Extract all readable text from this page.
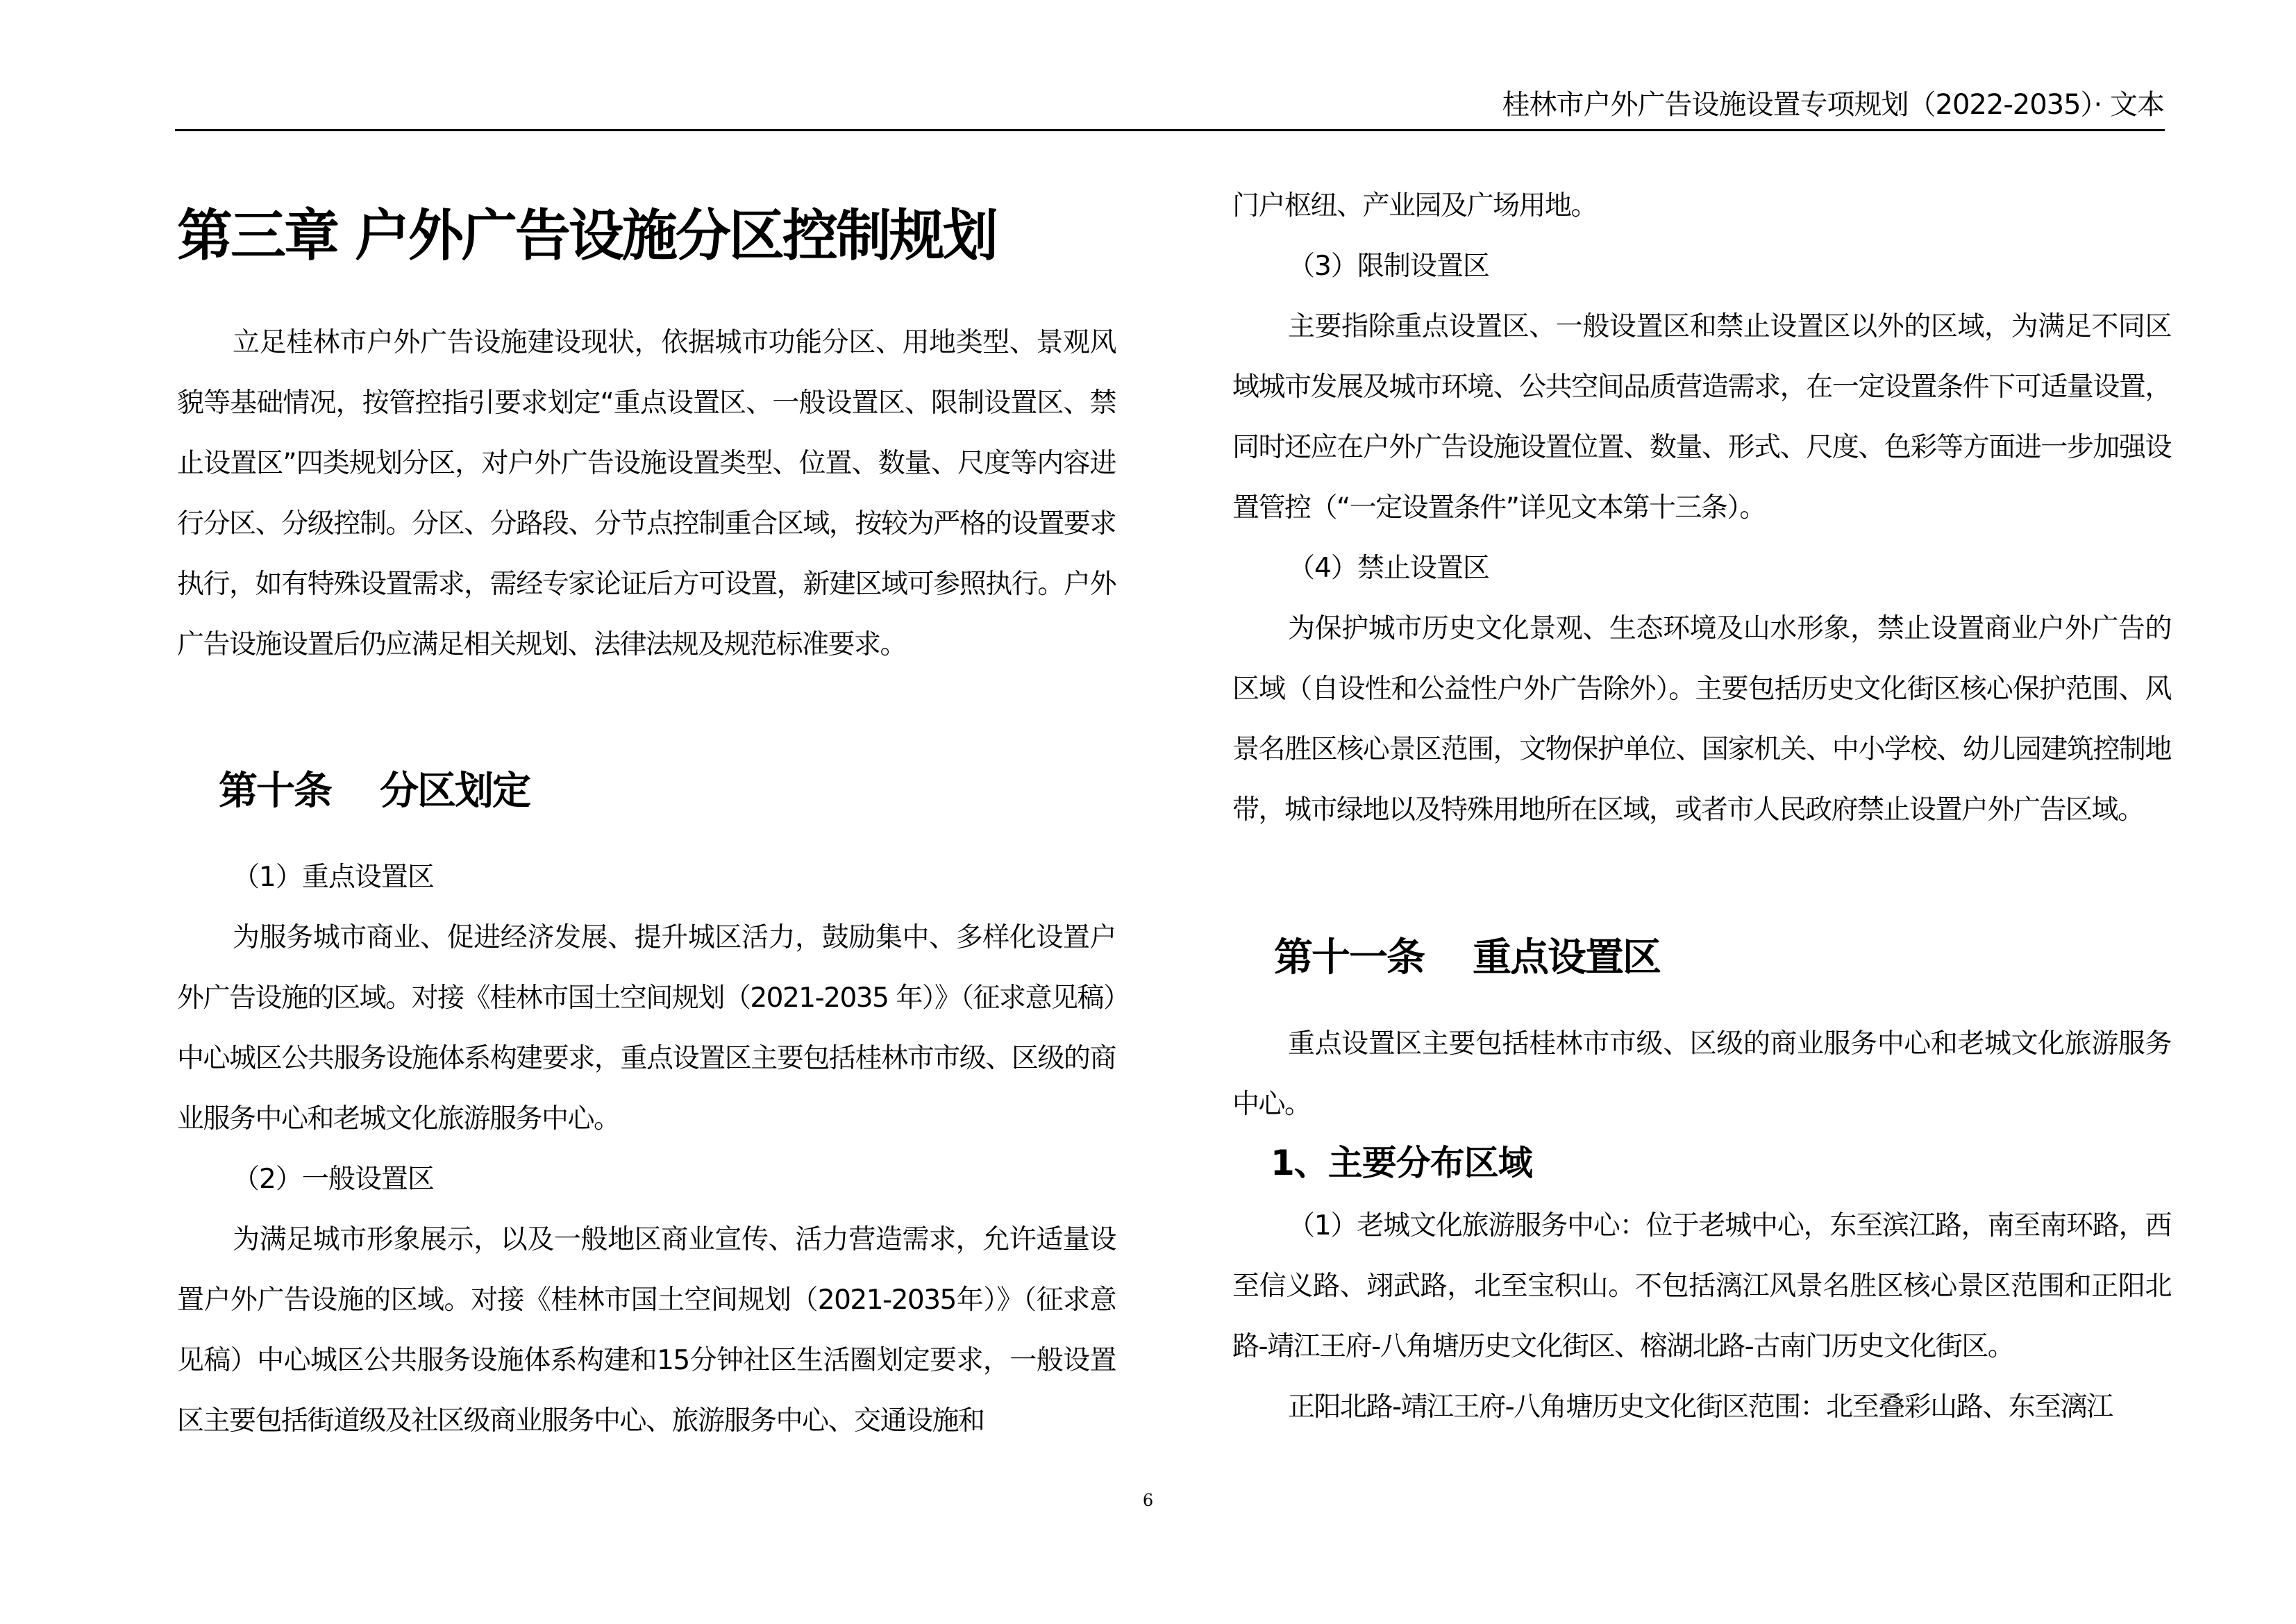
桂林市户外广告设施设置专项规划（2022-2035）· 文本
第三章 户外广告设施分区控制规划

立足桂林市户外广告设施建设现状，依据城市功能分区、用地类型、景观风貌等基础情况，按管控指引要求划定“重点设置区、一般设置区、限制设置区、禁止设置区”四类规划分区，对户外广告设施设置类型、位置、数量、尺度等内容进行分区、分级控制。分区、分路段、分节点控制重合区域，按较为严格的设置要求执行，如有特殊设置需求，需经专家论证后方可设置，新建区域可参照执行。户外广告设施设置后仍应满足相关规划、法律法规及规范标准要求。

第十条 分区划定

（1）重点设置区

为服务城市商业、促进经济发展、提升城区活力，鼓励集中、多样化设置户外广告设施的区域。对接《桂林市国土空间规划（2021-2035 年）》（征求意见稿）中心城区公共服务设施体系构建要求，重点设置区主要包括桂林市市级、区级的商业服务中心和老城文化旅游服务中心。

（2）一般设置区

为满足城市形象展示，以及一般地区商业宣传、活力营造需求，允许适量设置户外广告设施的区域。对接《桂林市国土空间规划（2021-2035年）》（征求意见稿）中心城区公共服务设施体系构建和15分钟社区生活圈划定要求，一般设置区主要包括街道级及社区级商业服务中心、旅游服务中心、交通设施和

门户枢纽、产业园及广场用地。

（3）限制设置区

主要指除重点设置区、一般设置区和禁止设置区以外的区域，为满足不同区域城市发展及城市环境、公共空间品质营造需求，在一定设置条件下可适量设置，同时还应在户外广告设施设置位置、数量、形式、尺度、色彩等方面进一步加强设置管控（“一定设置条件”详见文本第十三条）。

（4）禁止设置区

为保护城市历史文化景观、生态环境及山水形象，禁止设置商业户外广告的区域（自设性和公益性户外广告除外）。主要包括历史文化街区核心保护范围、风景名胜区核心景区范围，文物保护单位、国家机关、中小学校、幼儿园建筑控制地带，城市绿地以及特殊用地所在区域，或者市人民政府禁止设置户外广告区域。

第十一条 重点设置区

重点设置区主要包括桂林市市级、区级的商业服务中心和老城文化旅游服务中心。

1、主要分布区域

（1）老城文化旅游服务中心：位于老城中心，东至滨江路，南至南环路，西至信义路、翊武路，北至宝积山。不包括漓江风景名胜区核心景区范围和正阳北路-靖江王府-八角塘历史文化街区、榕湖北路-古南门历史文化街区。

正阳北路-靖江王府-八角塘历史文化街区范围：北至叠彩山路、东至漓江

6
